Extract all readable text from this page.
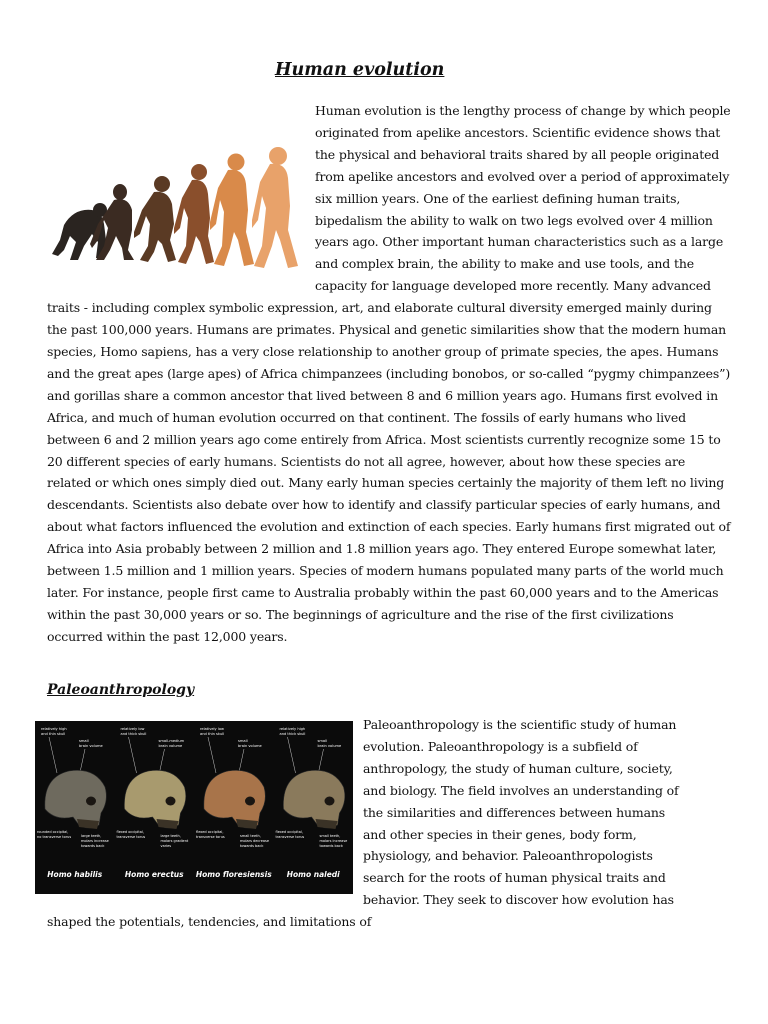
Human evolution

Human evolution is the lengthy process of change by which people originated from apelike ancestors. Scientific evidence shows that the physical and behavioral traits shared by all people originated from apelike ancestors and evolved over a period of approximately six million years. One of the earliest defining human traits, bipedalism the ability to walk on two legs evolved over 4 million years ago. Other important human characteristics such as a large and complex brain, the ability to make and use tools, and the capacity for language developed more recently. Many advanced traits - including complex symbolic expression, art, and elaborate cultural diversity emerged mainly during the past 100,000 years. Humans are primates. Physical and genetic similarities show that the modern human species, Homo sapiens, has a very close relationship to another group of primate species, the apes. Humans and the great apes (large apes) of Africa chimpanzees (including bonobos, or so-called “pygmy chimpanzees”) and gorillas share a common ancestor that lived between 8 and 6 million years ago. Humans first evolved in Africa, and much of human evolution occurred on that continent. The fossils of early humans who lived between 6 and 2 million years ago come entirely from Africa. Most scientists currently recognize some 15 to 20 different species of early humans. Scientists do not all agree, however, about how these species are related or which ones simply died out. Many early human species certainly the majority of them left no living descendants. Scientists also debate over how to identify and classify particular species of early humans, and about what factors influenced the evolution and extinction of each species. Early humans first migrated out of Africa into Asia probably between 2 million and 1.8 million years ago. They entered Europe somewhat later, between 1.5 million and 1 million years. Species of modern humans populated many parts of the world much later. For instance, people first came to Australia probably within the past 60,000 years and to the Americas within the past 30,000 years or so. The beginnings of agriculture and the rise of the first civilizations occurred within the past 12,000 years.

Paleoanthropology

Paleoanthropology is the scientific study of human evolution. Paleoanthropology is a subfield of anthropology, the study of human culture, society, and biology. The field involves an understanding of the similarities and differences between humans and other species in their genes, body form, physiology, and behavior. Paleoanthropologists search for the roots of human physical traits and behavior. They seek to discover how evolution has shaped the potentials, tendencies, and limitations of

relatively high
and thin skull
small
brain volume
rounded occipital,
no transverse torus	large teeth,
molars increase
towards back
Homo habilis
relatively low
and thick skull
small-medium
brain volume
flexed occipital,
transverse torus	large teeth,
molars gradient
varies
Homo erectus
relatively low
and thin skull
small
brain volume
flexed occipital,
transverse torus	small teeth,
molars decrease
towards back
Homo floresiensis
relatively high
and thick skull
small
brain volume
flexed occipital,
transverse torus	small teeth,
molars increase
towards back
Homo naledi
